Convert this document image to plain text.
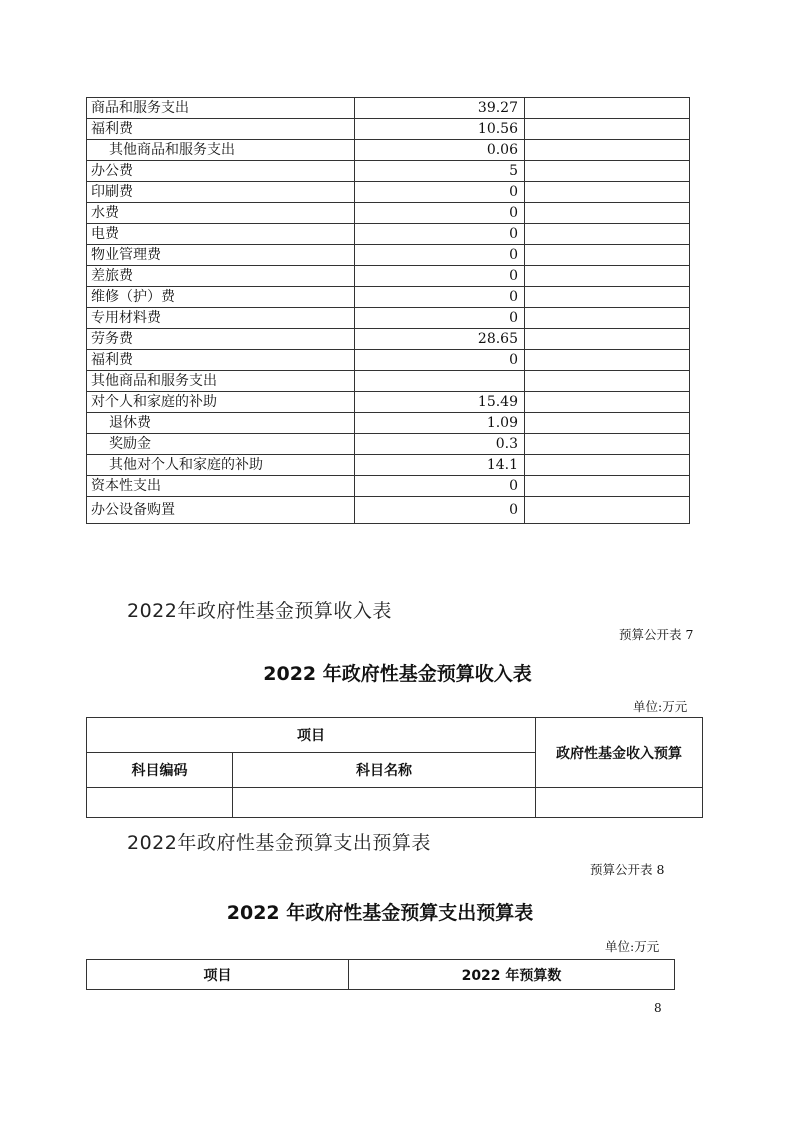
商品和服务支出	39.27	
福利费	10.56	
其他商品和服务支出	0.06	
办公费	5	
印刷费	0	
水费	0	
电费	0	
物业管理费	0	
差旅费	0	
维修（护）费	0	
专用材料费	0	
劳务费	28.65	
福利费	0	
其他商品和服务支出		
对个人和家庭的补助	15.49	
退休费	1.09	
奖励金	0.3	
其他对个人和家庭的补助	14.1	
资本性支出	0	
办公设备购置	0	
2022年政府性基金预算收入表
预算公开表 7
2022 年政府性基金预算收入表
单位:万元
项目		政府性基金收入预算
科目编码	科目名称	

2022年政府性基金预算支出预算表
预算公开表 8
2022 年政府性基金预算支出预算表
单位:万元
项目	2022 年预算数
8
